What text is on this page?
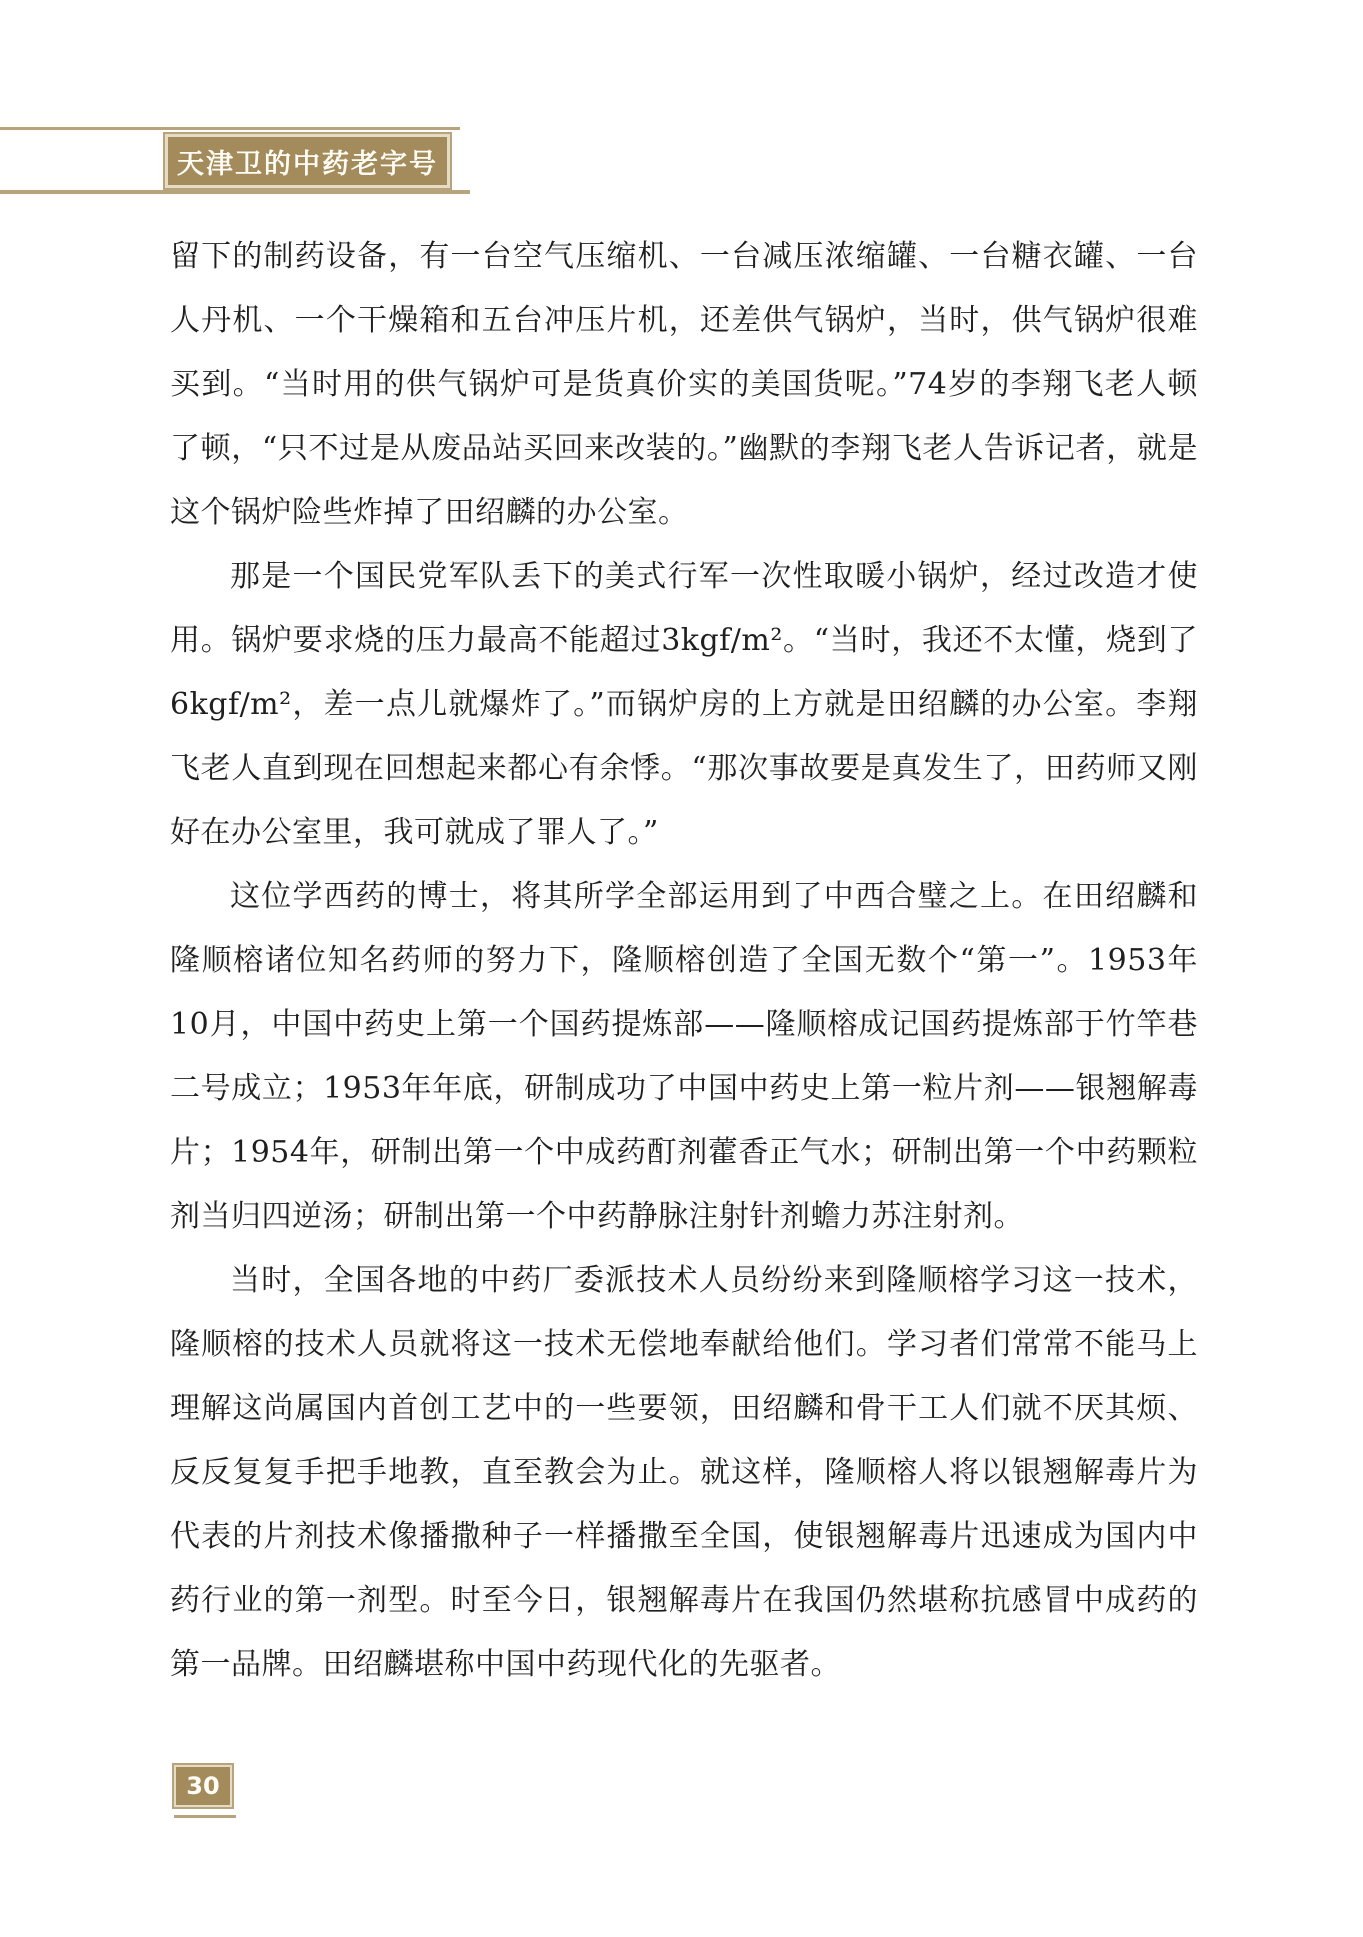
天津卫的中药老字号

留下的制药设备，有一台空气压缩机、一台减压浓缩罐、一台糖衣罐、一台人丹机、一个干燥箱和五台冲压片机，还差供气锅炉，当时，供气锅炉很难买到。“当时用的供气锅炉可是货真价实的美国货呢。”74岁的李翔飞老人顿了顿，“只不过是从废品站买回来改装的。”幽默的李翔飞老人告诉记者，就是这个锅炉险些炸掉了田绍麟的办公室。

那是一个国民党军队丢下的美式行军一次性取暖小锅炉，经过改造才使用。锅炉要求烧的压力最高不能超过3kgf/m²。“当时，我还不太懂，烧到了6kgf/m²，差一点儿就爆炸了。”而锅炉房的上方就是田绍麟的办公室。李翔飞老人直到现在回想起来都心有余悸。“那次事故要是真发生了，田药师又刚好在办公室里，我可就成了罪人了。”

这位学西药的博士，将其所学全部运用到了中西合璧之上。在田绍麟和隆顺榕诸位知名药师的努力下，隆顺榕创造了全国无数个“第一”。1953年10月，中国中药史上第一个国药提炼部——隆顺榕成记国药提炼部于竹竿巷二号成立；1953年年底，研制成功了中国中药史上第一粒片剂——银翘解毒片；1954年，研制出第一个中成药酊剂藿香正气水；研制出第一个中药颗粒剂当归四逆汤；研制出第一个中药静脉注射针剂蟾力苏注射剂。

当时，全国各地的中药厂委派技术人员纷纷来到隆顺榕学习这一技术，隆顺榕的技术人员就将这一技术无偿地奉献给他们。学习者们常常不能马上理解这尚属国内首创工艺中的一些要领，田绍麟和骨干工人们就不厌其烦、反反复复手把手地教，直至教会为止。就这样，隆顺榕人将以银翘解毒片为代表的片剂技术像播撒种子一样播撒至全国，使银翘解毒片迅速成为国内中药行业的第一剂型。时至今日，银翘解毒片在我国仍然堪称抗感冒中成药的第一品牌。田绍麟堪称中国中药现代化的先驱者。

30
